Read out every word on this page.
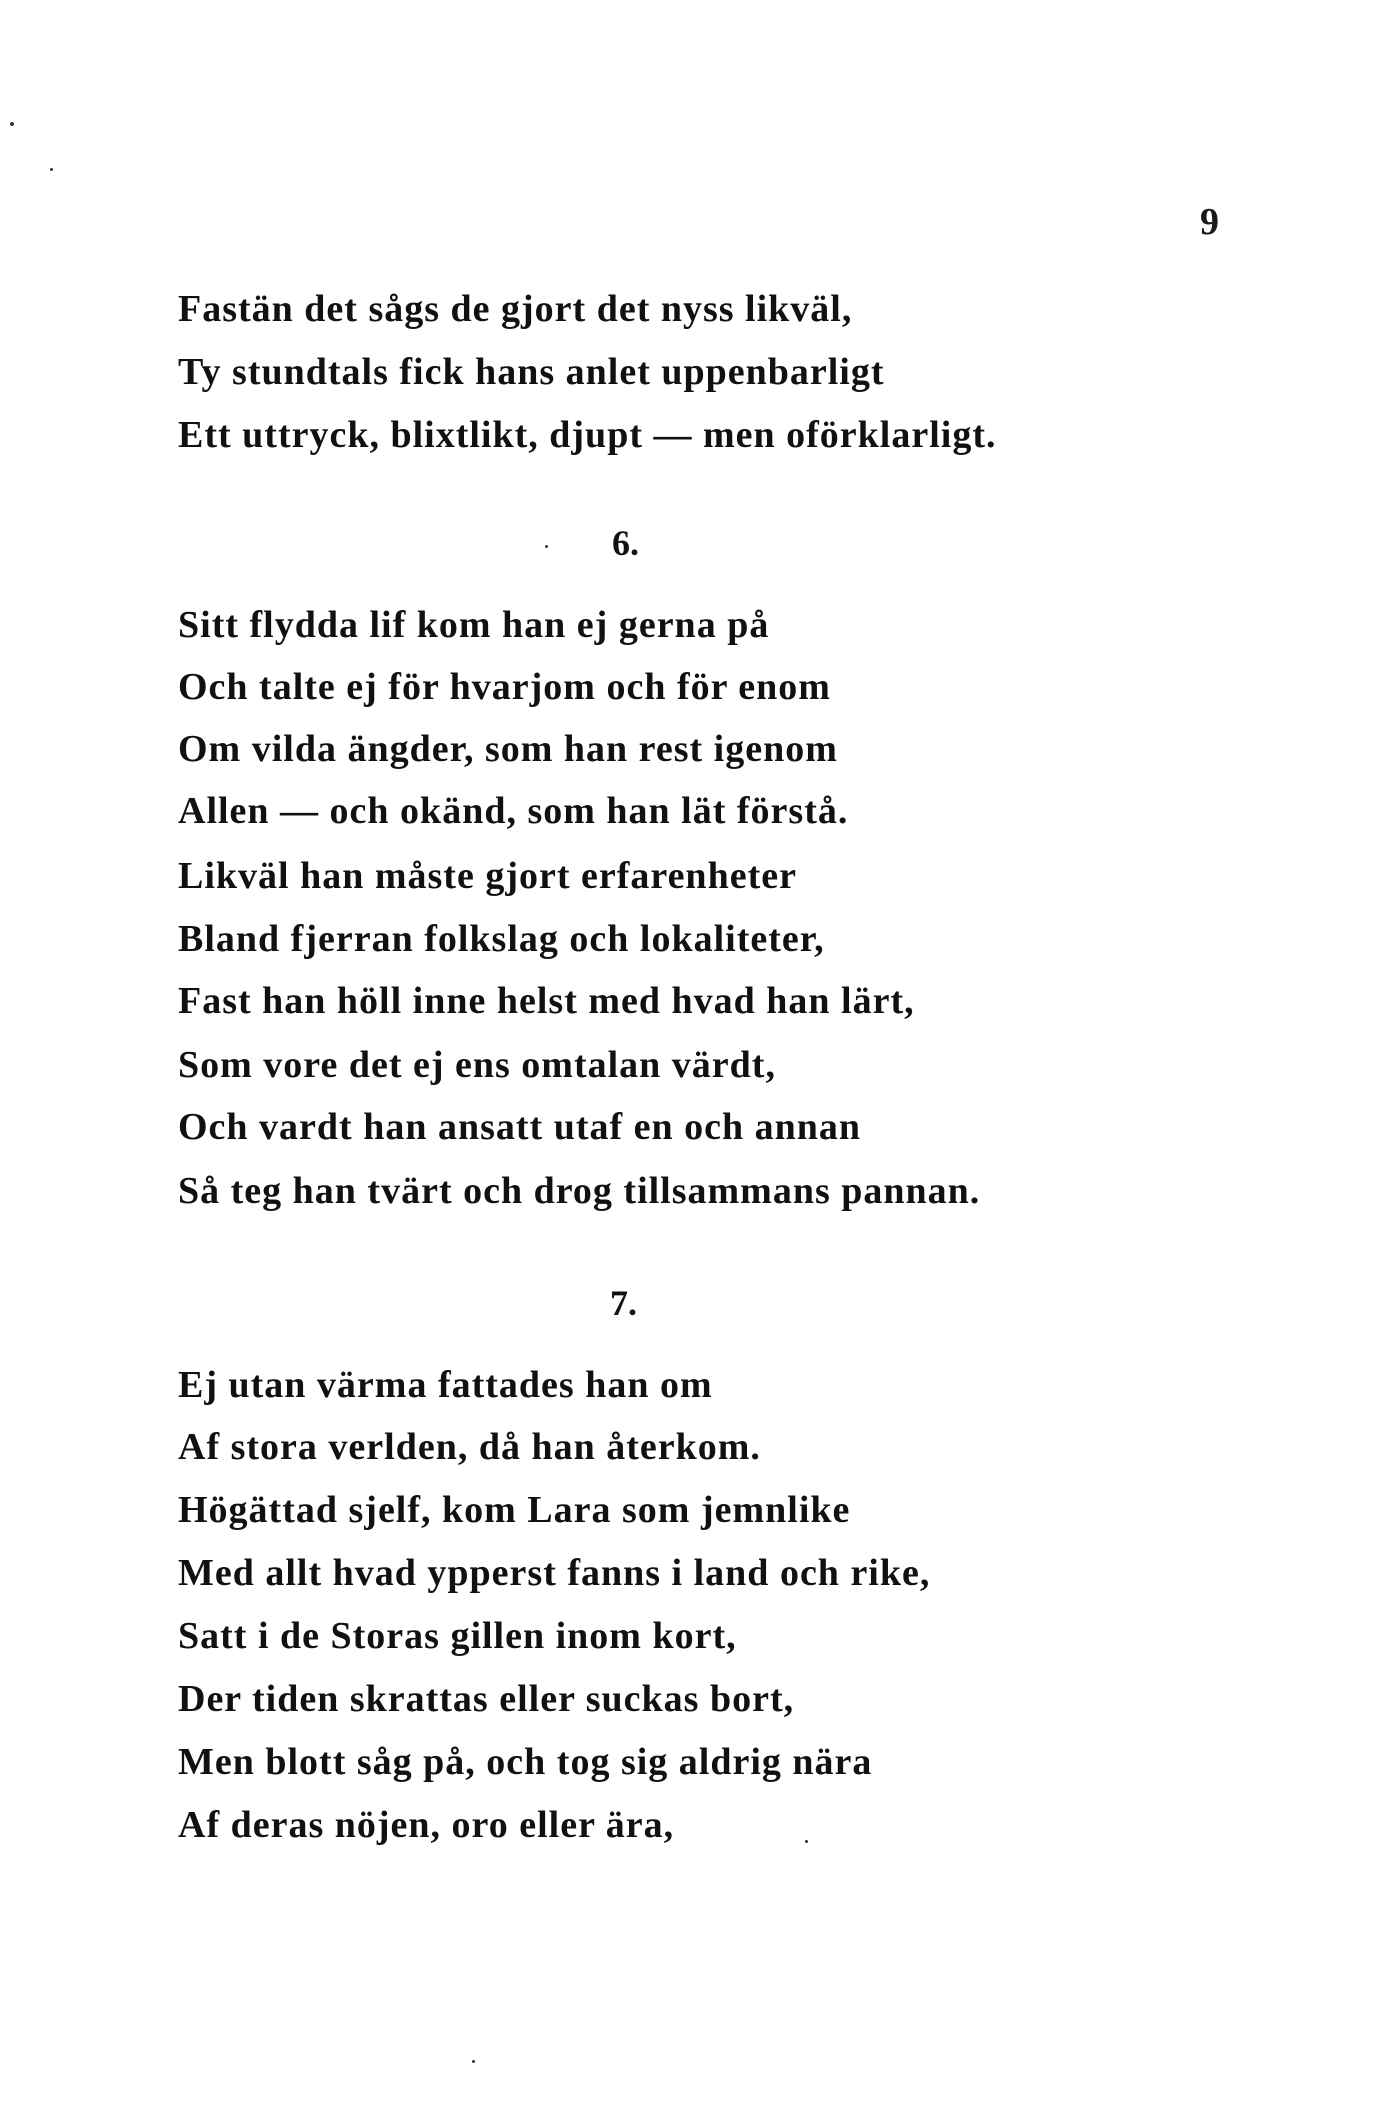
9
Fastän det sågs de gjort det nyss likväl,
Ty stundtals fick hans anlet uppenbarligt
Ett uttryck, blixtlikt, djupt — men oförklarligt.
6.
Sitt flydda lif kom han ej gerna på
Och talte ej för hvarjom och för enom
Om vilda ängder, som han rest igenom
Allen — och okänd, som han lät förstå.
Likväl han måste gjort erfarenheter
Bland fjerran folkslag och lokaliteter,
Fast han höll inne helst med hvad han lärt,
Som vore det ej ens omtalan värdt,
Och vardt han ansatt utaf en och annan
Så teg han tvärt och drog tillsammans pannan.
7.
Ej utan värma fattades han om
Af stora verlden, då han återkom.
Högättad sjelf, kom Lara som jemnlike
Med allt hvad ypperst fanns i land och rike,
Satt i de Storas gillen inom kort,
Der tiden skrattas eller suckas bort,
Men blott såg på, och tog sig aldrig nära
Af deras nöjen, oro eller ära,
